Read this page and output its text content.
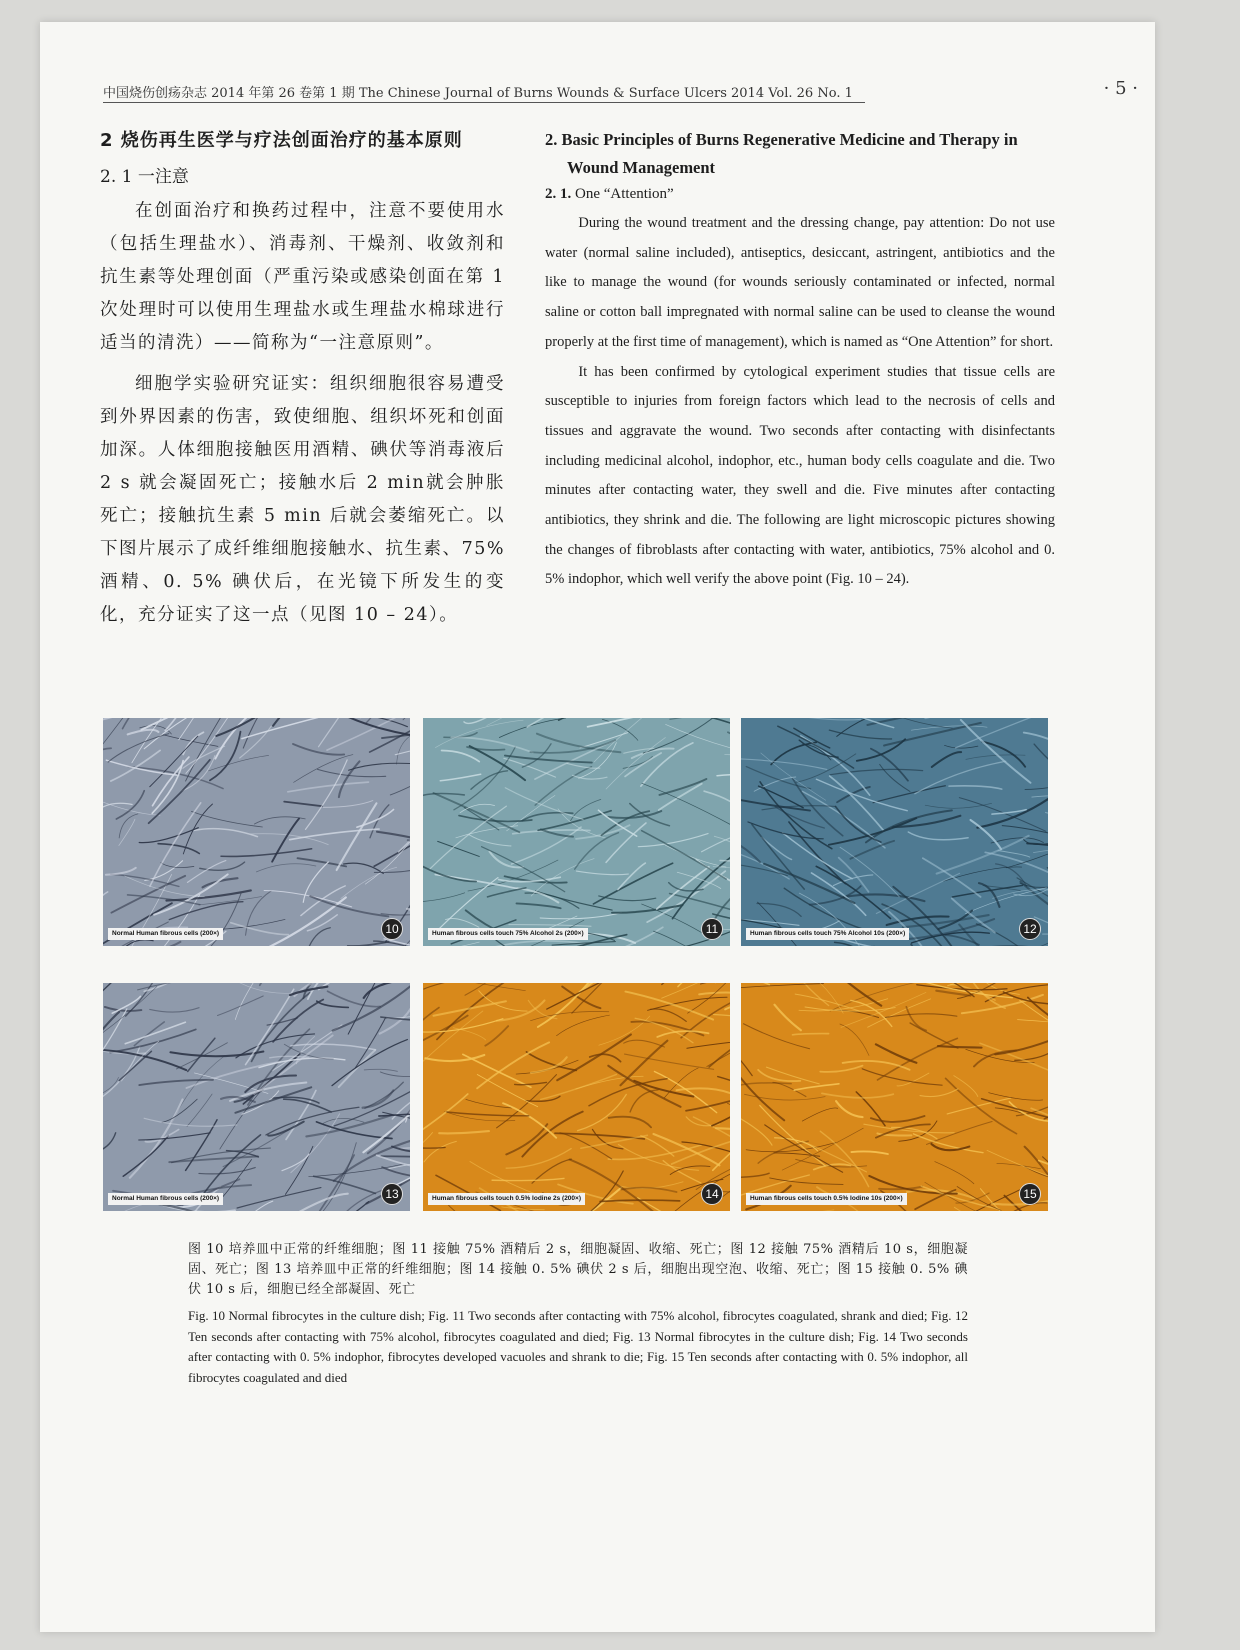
中国烧伤创疡杂志 2014 年第 26 卷第 1 期 The Chinese Journal of Burns Wounds & Surface Ulcers 2014 Vol. 26 No. 1	· 5 ·
2 烧伤再生医学与疗法创面治疗的基本原则
2. 1 一注意

在创面治疗和换药过程中，注意不要使用水（包括生理盐水）、消毒剂、干燥剂、收敛剂和抗生素等处理创面（严重污染或感染创面在第 1 次处理时可以使用生理盐水或生理盐水棉球进行适当的清洗）——简称为“一注意原则”。

细胞学实验研究证实：组织细胞很容易遭受到外界因素的伤害，致使细胞、组织坏死和创面加深。人体细胞接触医用酒精、碘伏等消毒液后 2 s 就会凝固死亡；接触水后 2 min就会肿胀死亡；接触抗生素 5 min 后就会萎缩死亡。以下图片展示了成纤维细胞接触水、抗生素、75% 酒精、0. 5% 碘伏后，在光镜下所发生的变化，充分证实了这一点（见图 10 – 24）。

2. Basic Principles of Burns Regenerative Medicine and Therapy in Wound Management
2. 1. One “Attention”

During the wound treatment and the dressing change, pay attention: Do not use water (normal saline included), antiseptics, desiccant, astringent, antibiotics and the like to manage the wound (for wounds seriously contaminated or infected, normal saline or cotton ball impregnated with normal saline can be used to cleanse the wound properly at the first time of management), which is named as “One Attention” for short.

It has been confirmed by cytological experiment studies that tissue cells are susceptible to injuries from foreign factors which lead to the necrosis of cells and tissues and aggravate the wound. Two seconds after contacting with disinfectants including medicinal alcohol, indophor, etc., human body cells coagulate and die. Two minutes after contacting water, they swell and die. Five minutes after contacting antibiotics, they shrink and die. The following are light microscopic pictures showing the changes of fibroblasts after contacting with water, antibiotics, 75% alcohol and 0. 5% indophor, which well verify the above point (Fig. 10 – 24).

Normal Human fibrous cells (200×)	10	Human fibrous cells touch 75% Alcohol 2s (200×)	11	Human fibrous cells touch 75% Alcohol 10s (200×)	12
Normal Human fibrous cells (200×)	13	Human fibrous cells touch 0.5% Iodine 2s (200×)	14	Human fibrous cells touch 0.5% Iodine 10s (200×)	15

图 10 培养皿中正常的纤维细胞；图 11 接触 75% 酒精后 2 s，细胞凝固、收缩、死亡；图 12 接触 75% 酒精后 10 s，细胞凝固、死亡；图 13 培养皿中正常的纤维细胞；图 14 接触 0. 5% 碘伏 2 s 后，细胞出现空泡、收缩、死亡；图 15 接触 0. 5% 碘伏 10 s 后，细胞已经全部凝固、死亡

Fig. 10 Normal fibrocytes in the culture dish; Fig. 11 Two seconds after contacting with 75% alcohol, fibrocytes coagulated, shrank and died; Fig. 12 Ten seconds after contacting with 75% alcohol, fibrocytes coagulated and died; Fig. 13 Normal fibrocytes in the culture dish; Fig. 14 Two seconds after contacting with 0. 5% indophor, fibrocytes developed vacuoles and shrank to die; Fig. 15 Ten seconds after contacting with 0. 5% indophor, all fibrocytes coagulated and died
